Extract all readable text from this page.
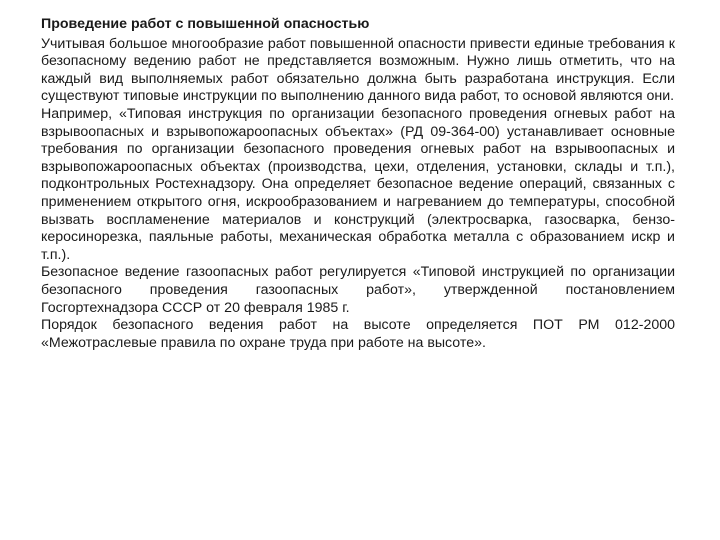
Проведение работ с повышенной опасностью

Учитывая большое многообразие работ повышенной опасности привести единые требования к безопасному ведению работ не представляется возможным. Нужно лишь отметить, что на каждый вид выполняемых работ обязательно должна быть разработана инструкция. Если существуют типовые инструкции по выполнению данного вида работ, то основой являются они.

Например, «Типовая инструкция по организации безопасного проведения огневых работ на взрывоопасных и взрывопожароопасных объектах» (РД 09-364-00) устанавливает основные требования по организации безопасного проведения огневых работ на взрывоопасных и взрывопожароопасных объектах (производства, цехи, отделения, установки, склады и т.п.), подконтрольных Ростехнадзору. Она определяет безопасное ведение операций, связанных с применением открытого огня, искрообразованием и нагреванием до температуры, способной вызвать воспламенение материалов и конструкций (электросварка, газосварка, бензо-керосинорезка, паяльные работы, механическая обработка металла с образованием искр и т.п.).

Безопасное ведение газоопасных работ регулируется «Типовой инструкцией по организации безопасного проведения газоопасных работ», утвержденной постановлением Госгортехнадзора СССР от 20 февраля 1985 г.

Порядок безопасного ведения работ на высоте определяется ПОТ РМ 012-2000 «Межотраслевые правила по охране труда при работе на высоте».
